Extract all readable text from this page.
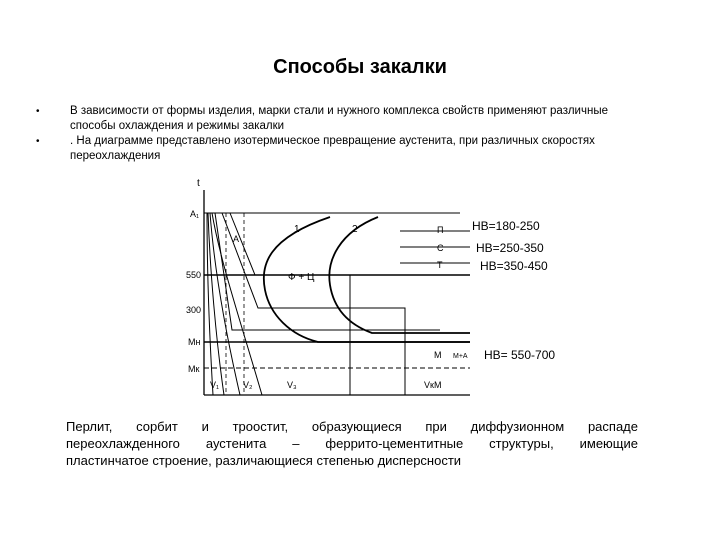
Способы закалки
•	В зависимости от формы изделия, марки стали и нужного комплекса свойств применяют различные способы охлаждения и режимы закалки
•	. На диаграмме представлено изотермическое превращение аустенита, при различных скоростях переохлаждения
t
A₁
550
300
Mн
Mк
1	2
A
Ф + Ц
M M+A
П
С
Т
V₁	V₂	V₃	VкM
HB=180-250
HB=250-350
HB=350-450
HB= 550-700
Перлит, сорбит и троостит, образующиеся при диффузионном распаде
переохлажденного аустенита – феррито-цементитные структуры, имеющие
пластинчатое строение, различающиеся степенью дисперсности
